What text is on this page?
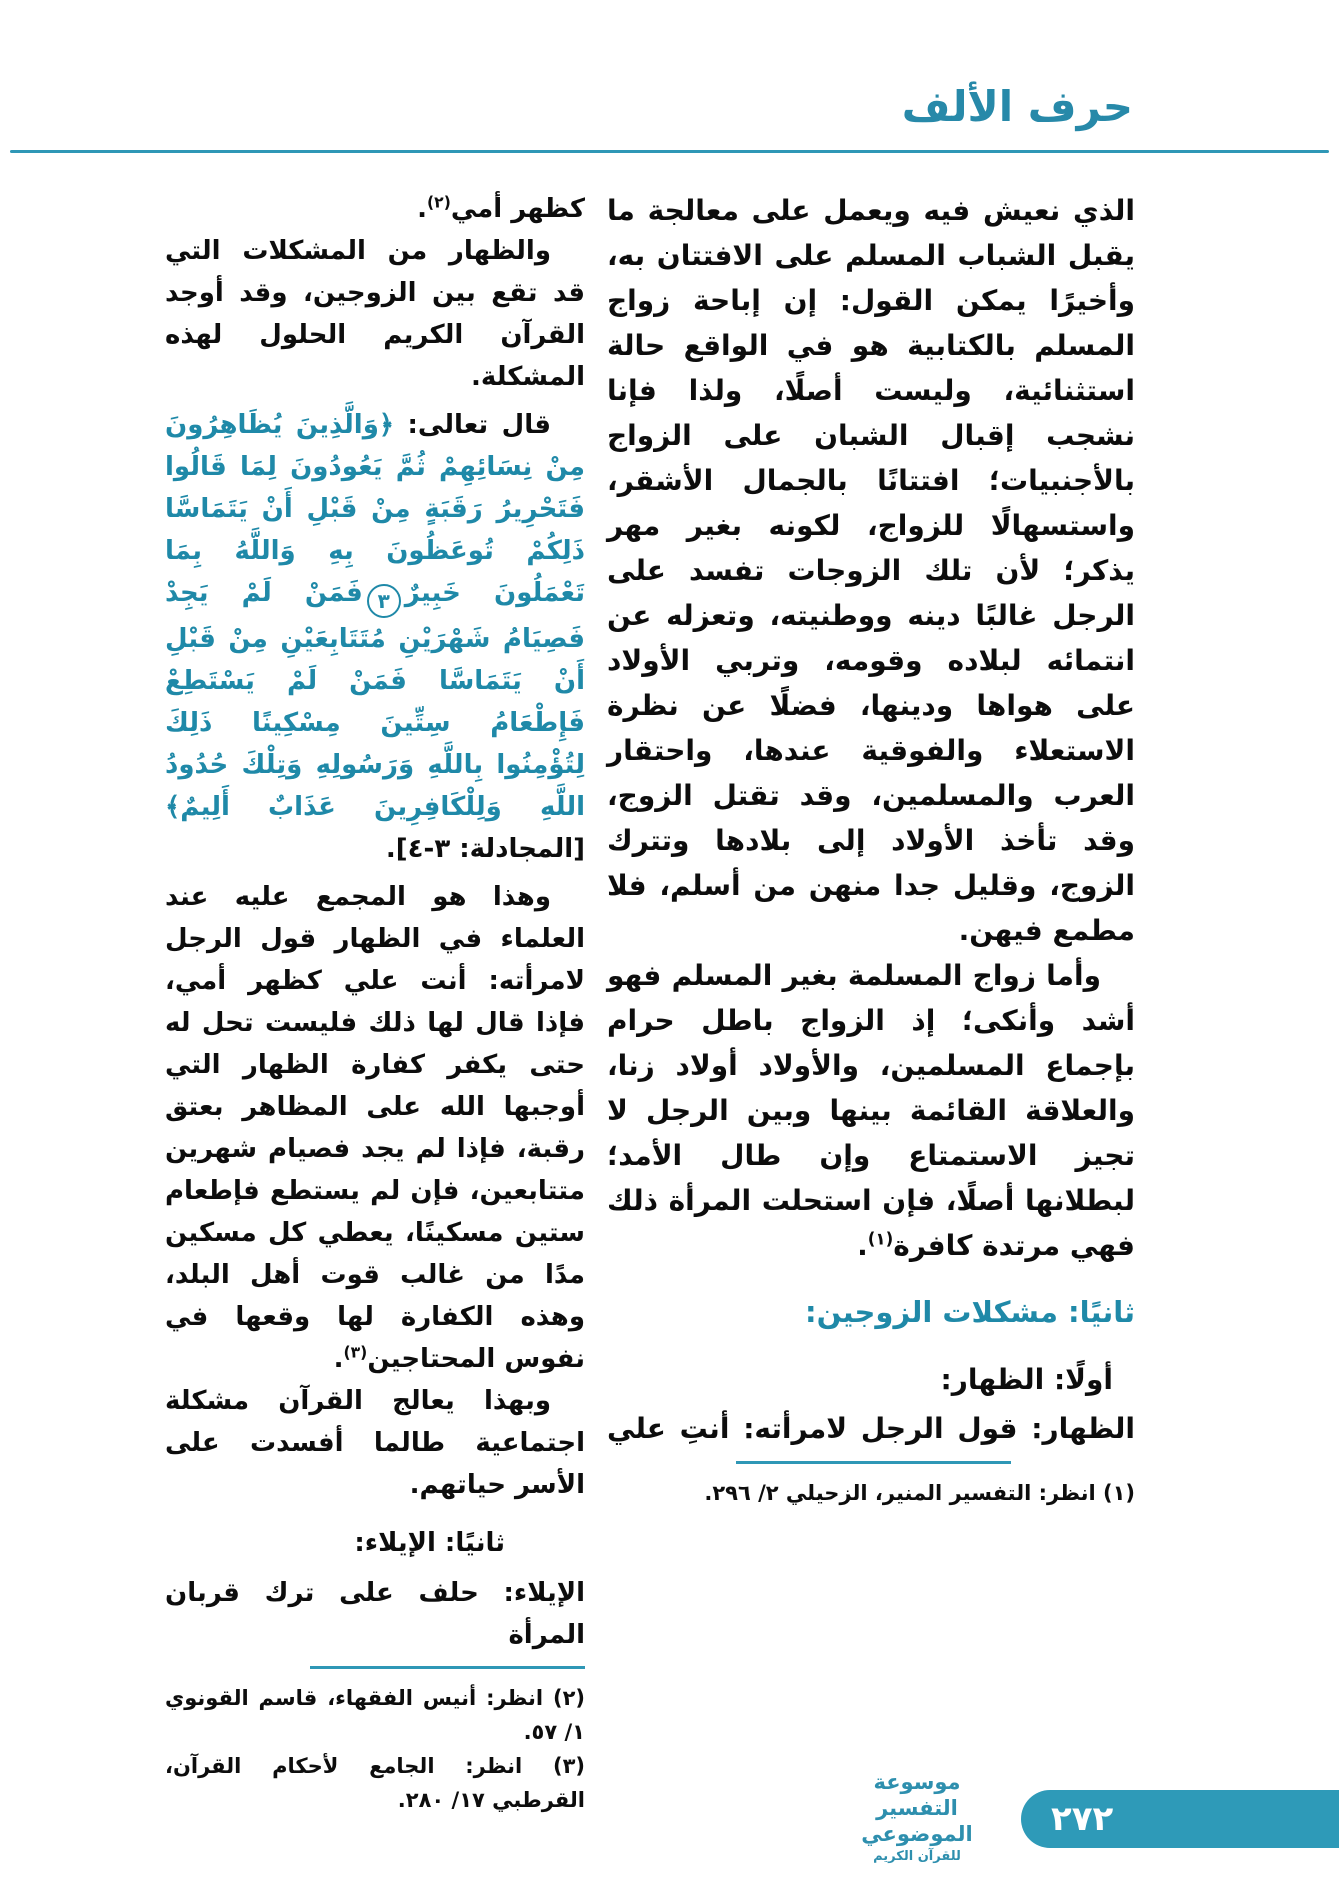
حرف الألف

الذي نعيش فيه ويعمل على معالجة ما يقبل الشباب المسلم على الافتتان به، وأخيرًا يمكن القول: إن إباحة زواج المسلم بالكتابية هو في الواقع حالة استثنائية، وليست أصلًا، ولذا فإنا نشجب إقبال الشبان على الزواج بالأجنبيات؛ افتتانًا بالجمال الأشقر، واستسهالًا للزواج، لكونه بغير مهر يذكر؛ لأن تلك الزوجات تفسد على الرجل غالبًا دينه ووطنيته، وتعزله عن انتمائه لبلاده وقومه، وتربي الأولاد على هواها ودينها، فضلًا عن نظرة الاستعلاء والفوقية عندها، واحتقار العرب والمسلمين، وقد تقتل الزوج، وقد تأخذ الأولاد إلى بلادها وتترك الزوج، وقليل جدا منهن من أسلم، فلا مطمع فيهن.

وأما زواج المسلمة بغير المسلم فهو أشد وأنكى؛ إذ الزواج باطل حرام بإجماع المسلمين، والأولاد أولاد زنا، والعلاقة القائمة بينها وبين الرجل لا تجيز الاستمتاع وإن طال الأمد؛ لبطلانها أصلًا، فإن استحلت المرأة ذلك فهي مرتدة كافرة$^{(١)}$.

ثانيًا: مشكلات الزوجين:

أولًا: الظهار:

الظهار: قول الرجل لامرأته: أنتِ علي

(١) انظر: التفسير المنير، الزحيلي ٢/ ٢٩٦.

كظهر أمي$^{(٢)}$.

والظهار من المشكلات التي قد تقع بين الزوجين، وقد أوجد القرآن الكريم الحلول لهذه المشكلة.

قال تعالى: ﴿وَالَّذِينَ يُظَاهِرُونَ مِنْ نِسَائِهِمْ ثُمَّ يَعُودُونَ لِمَا قَالُوا فَتَحْرِيرُ رَقَبَةٍ مِنْ قَبْلِ أَنْ يَتَمَاسَّا ذَلِكُمْ تُوعَظُونَ بِهِ وَاللَّهُ بِمَا تَعْمَلُونَ خَبِيرٌ٣فَمَنْ لَمْ يَجِدْ فَصِيَامُ شَهْرَيْنِ مُتَتَابِعَيْنِ مِنْ قَبْلِ أَنْ يَتَمَاسَّا فَمَنْ لَمْ يَسْتَطِعْ فَإِطْعَامُ سِتِّينَ مِسْكِينًا ذَلِكَ لِتُؤْمِنُوا بِاللَّهِ وَرَسُولِهِ وَتِلْكَ حُدُودُ اللَّهِ وَلِلْكَافِرِينَ عَذَابٌ أَلِيمٌ﴾ [المجادلة: ٣-٤].

وهذا هو المجمع عليه عند العلماء في الظهار قول الرجل لامرأته: أنت علي كظهر أمي، فإذا قال لها ذلك فليست تحل له حتى يكفر كفارة الظهار التي أوجبها الله على المظاهر بعتق رقبة، فإذا لم يجد فصيام شهرين متتابعين، فإن لم يستطع فإطعام ستين مسكينًا، يعطي كل مسكين مدًا من غالب قوت أهل البلد، وهذه الكفارة لها وقعها في نفوس المحتاجين$^{(٣)}$.

وبهذا يعالج القرآن مشكلة اجتماعية طالما أفسدت على الأسر حياتهم.

ثانيًا: الإيلاء:

الإيلاء: حلف على ترك قربان المرأة

(٢) انظر: أنيس الفقهاء، قاسم القونوي ١/ ٥٧.

(٣) انظر: الجامع لأحكام القرآن، القرطبي ١٧/ ٢٨٠.

موسوعة التفسير الموضوعي
للقرآن الكريم
٢٧٢
